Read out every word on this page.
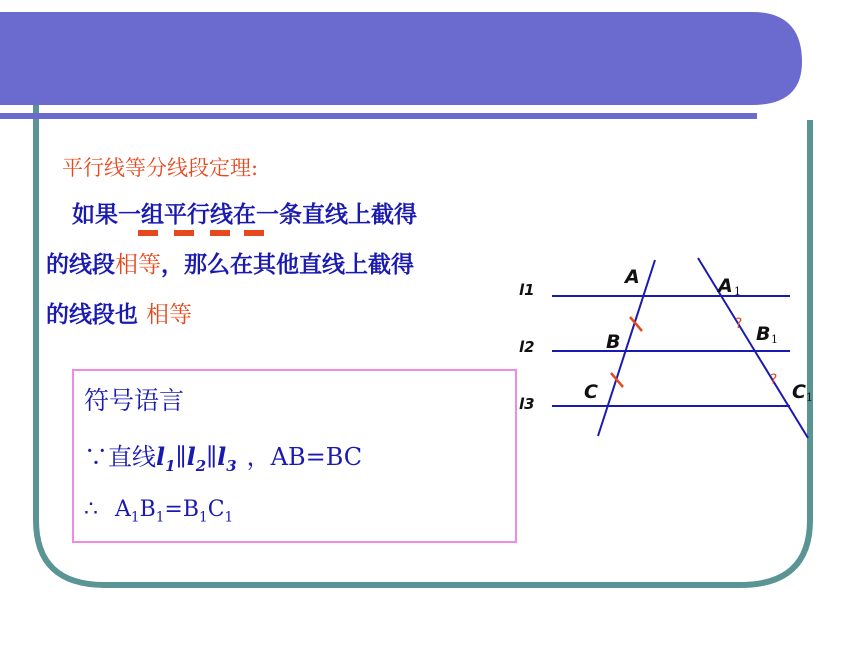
平行线等分线段定理:
如果一组平行线在一条直线上截得
的线段相等，那么在其他直线上截得
的线段也 相等
符号语言
∵直线$l_1\parallel l_2\parallel l_3$ ，AB=BC
∴ $A_1B_1=B_1C_1$
l1
l2
l3
A
B
C
A 1
B 1
C 1
?
?
